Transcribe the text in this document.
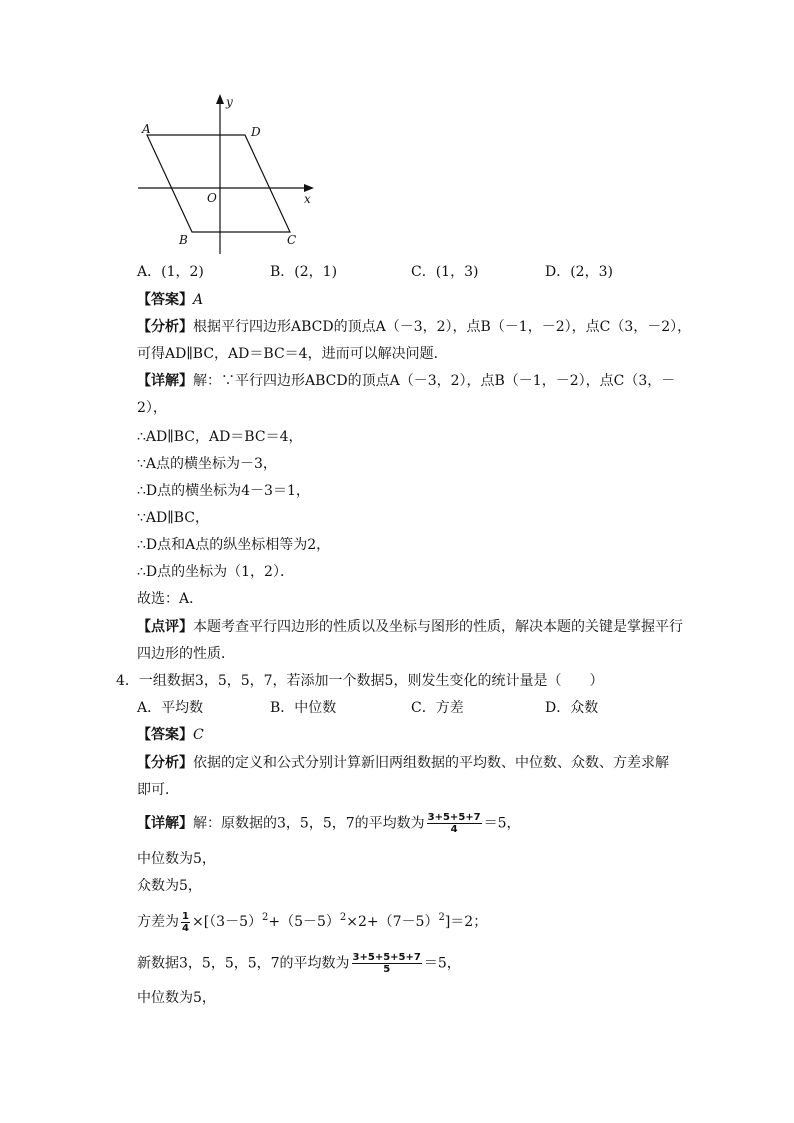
y
x
O
A	D
B	C
A．(1，2)	B．(2，1)	C．(1，3)	D．(2，3)
【答案】A
【分析】根据平行四边形ABCD的顶点A（－3，2），点B（－1，－2），点C（3，－2），
可得AD∥BC，AD＝BC＝4，进而可以解决问题．
【详解】解：∵平行四边形ABCD的顶点A（－3，2），点B（－1，－2），点C（3，－
2），
∴AD∥BC，AD＝BC＝4，
∵A点的横坐标为－3，
∴D点的横坐标为4－3＝1，
∵AD∥BC，
∴D点和A点的纵坐标相等为2，
∴D点的坐标为（1，2）．
故选：A．
【点评】本题考查平行四边形的性质以及坐标与图形的性质，解决本题的关键是掌握平行
四边形的性质．
4．一组数据3，5，5，7，若添加一个数据5，则发生变化的统计量是（　　）
A．平均数	B．中位数	C．方差	D．众数
【答案】C
【分析】依据的定义和公式分别计算新旧两组数据的平均数、中位数、众数、方差求解
即可．
【详解】解：原数据的3，5，5，7的平均数为 $\frac{3+5+5+7}{4} =5$，
中位数为5，
众数为5，
方差为 $\frac{1}{4} \times[(3-5)^2+(5-5)^2\times 2+(7-5)^2]=2$；
新数据3，5，5，5，7的平均数为 $\frac{3+5+5+5+7}{5} =5$，
中位数为5，
